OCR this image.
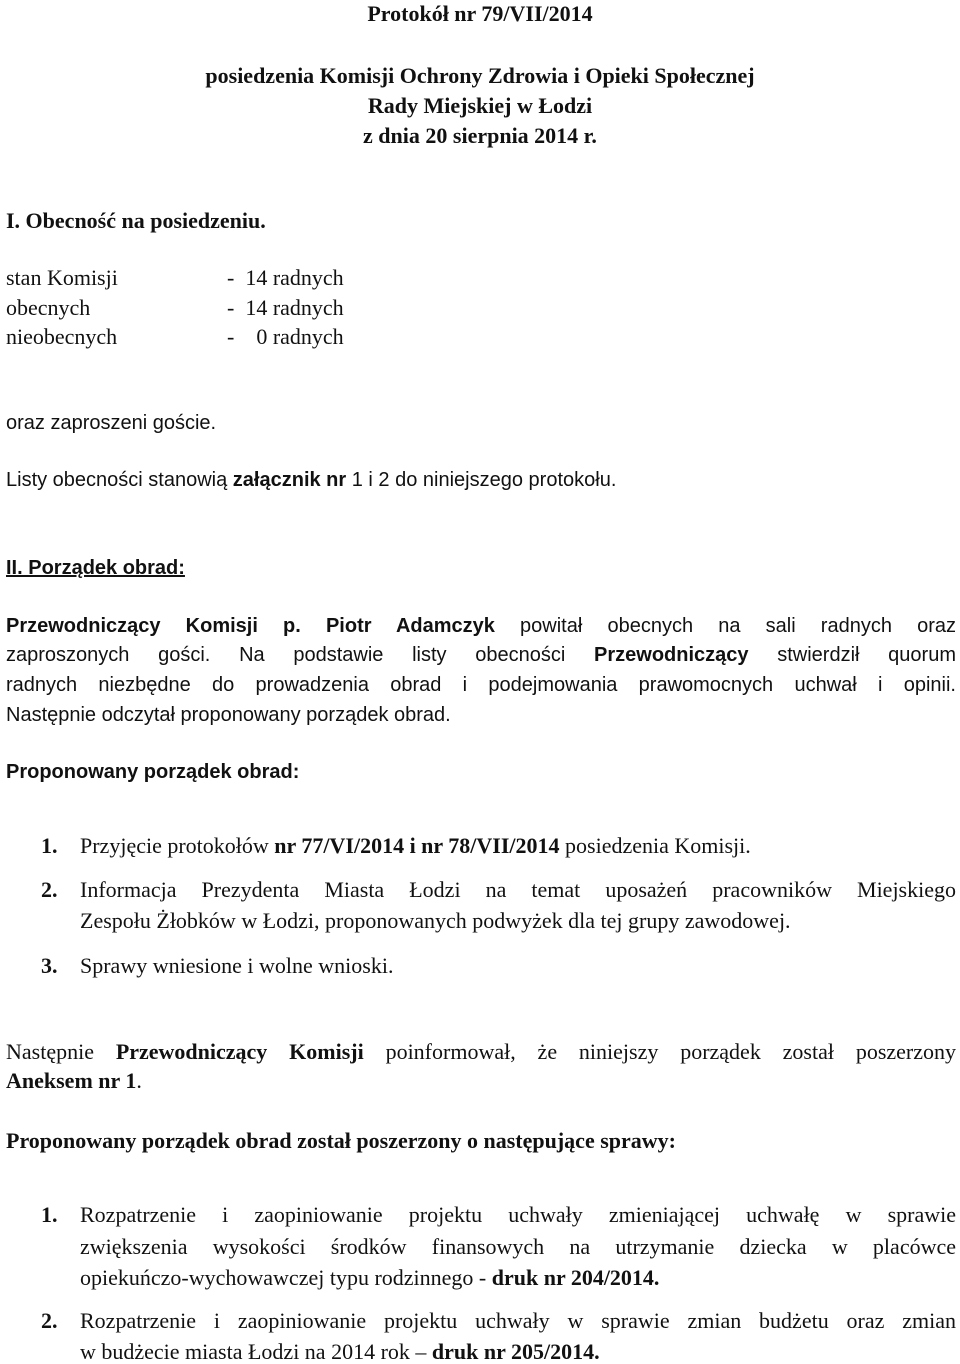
Protokół nr 79/VII/2014
posiedzenia Komisji Ochrony Zdrowia i Opieki Społecznej
Rady Miejskiej w Łodzi
z dnia 20 sierpnia 2014 r.
I. Obecność na posiedzeniu.
stan Komisji	-  14 radnych
obecnych	-  14 radnych
nieobecnych	-    0 radnych
oraz zaproszeni goście.
Listy obecności stanowią załącznik nr 1 i 2 do niniejszego protokołu.
II. Porządek obrad:
Przewodniczący Komisji p. Piotr Adamczyk powitał obecnych na sali radnych oraz
zaproszonych gości. Na podstawie listy obecności Przewodniczący stwierdził quorum
radnych niezbędne do prowadzenia obrad i podejmowania prawomocnych uchwał i opinii.
Następnie odczytał proponowany porządek obrad.
Proponowany porządek obrad:
1. Przyjęcie protokołów nr 77/VI/2014 i nr 78/VII/2014 posiedzenia Komisji.
2. Informacja Prezydenta Miasta Łodzi na temat uposażeń pracowników Miejskiego
Zespołu Żłobków w Łodzi, proponowanych podwyżek dla tej grupy zawodowej.
3. Sprawy wniesione i wolne wnioski.
Następnie Przewodniczący Komisji poinformował, że niniejszy porządek został poszerzony
Aneksem nr 1.
Proponowany porządek obrad został poszerzony o następujące sprawy:
1. Rozpatrzenie i zaopiniowanie projektu uchwały zmieniającej uchwałę w sprawie
zwiększenia wysokości środków finansowych na utrzymanie dziecka w placówce
opiekuńczo-wychowawczej typu rodzinnego - druk nr 204/2014.
2. Rozpatrzenie i zaopiniowanie projektu uchwały w sprawie zmian budżetu oraz zmian
w budżecie miasta Łodzi na 2014 rok – druk nr 205/2014.
